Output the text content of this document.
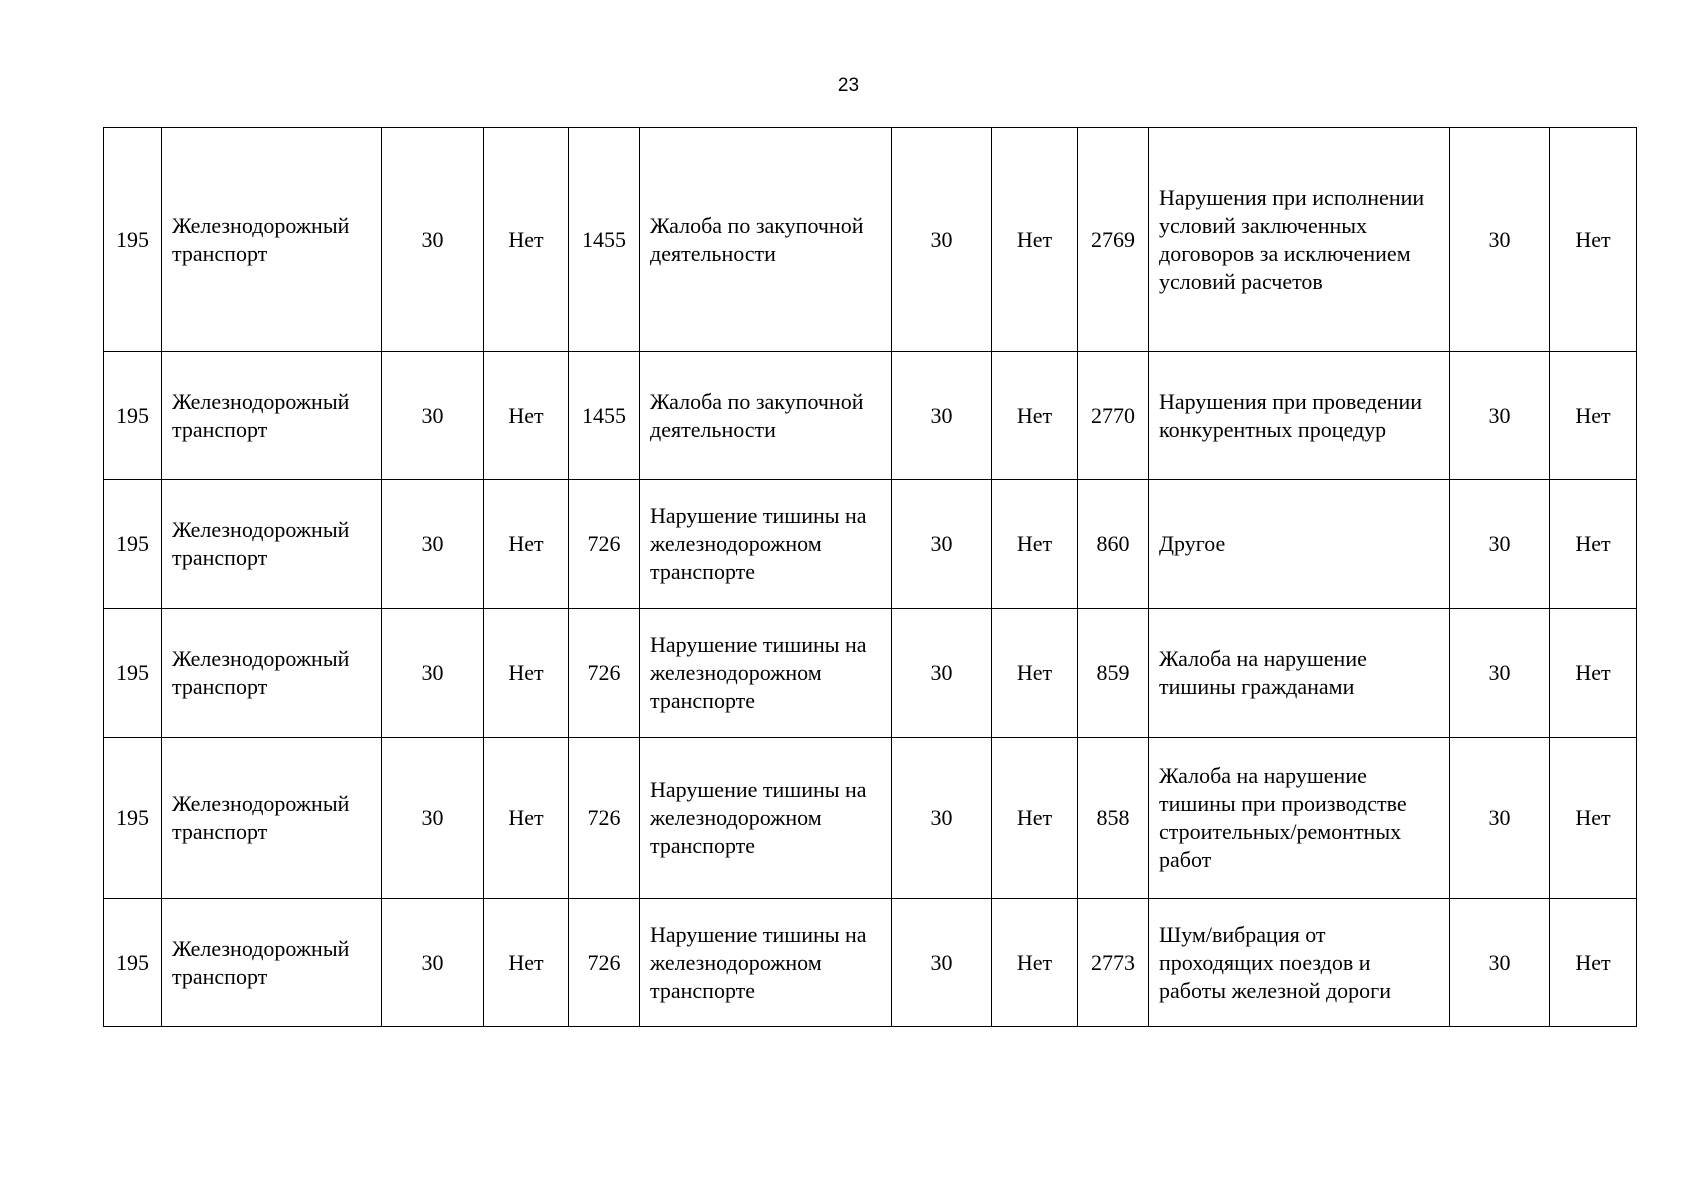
23
195	Железнодорожный транспорт	30	Нет	1455	Жалоба по закупочной деятельности	30	Нет	2769	Нарушения при исполнении условий заключенных договоров за исключением условий расчетов	30	Нет
195	Железнодорожный транспорт	30	Нет	1455	Жалоба по закупочной деятельности	30	Нет	2770	Нарушения при проведении конкурентных процедур	30	Нет
195	Железнодорожный транспорт	30	Нет	726	Нарушение тишины на железнодорожном транспорте	30	Нет	860	Другое	30	Нет
195	Железнодорожный транспорт	30	Нет	726	Нарушение тишины на железнодорожном транспорте	30	Нет	859	Жалоба на нарушение тишины гражданами	30	Нет
195	Железнодорожный транспорт	30	Нет	726	Нарушение тишины на железнодорожном транспорте	30	Нет	858	Жалоба на нарушение тишины при производстве строительных/ремонтных работ	30	Нет
195	Железнодорожный транспорт	30	Нет	726	Нарушение тишины на железнодорожном транспорте	30	Нет	2773	Шум/вибрация от проходящих поездов и работы железной дороги	30	Нет
